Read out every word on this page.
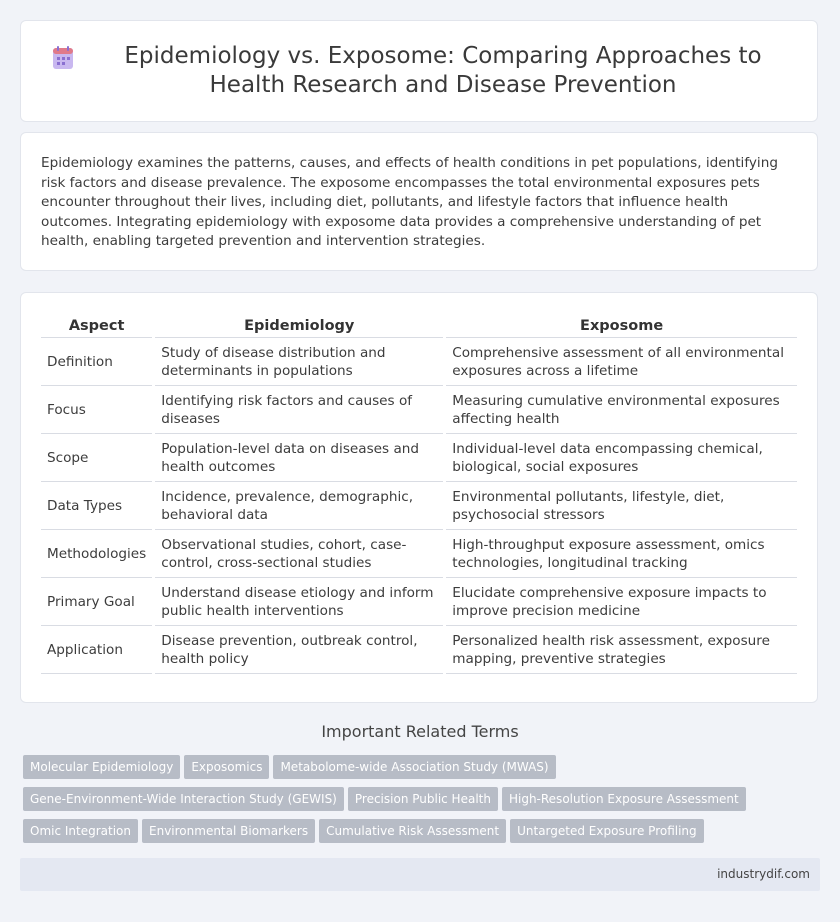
Epidemiology vs. Exposome: Comparing Approaches to Health Research and Disease Prevention

Epidemiology examines the patterns, causes, and effects of health conditions in pet populations, identifying risk factors and disease prevalence. The exposome encompasses the total environmental exposures pets encounter throughout their lives, including diet, pollutants, and lifestyle factors that influence health outcomes. Integrating epidemiology with exposome data provides a comprehensive understanding of pet health, enabling targeted prevention and intervention strategies.

Aspect	Epidemiology	Exposome
Definition	Study of disease distribution and determinants in populations	Comprehensive assessment of all environmental exposures across a lifetime
Focus	Identifying risk factors and causes of diseases	Measuring cumulative environmental exposures affecting health
Scope	Population-level data on diseases and health outcomes	Individual-level data encompassing chemical, biological, social exposures
Data Types	Incidence, prevalence, demographic, behavioral data	Environmental pollutants, lifestyle, diet, psychosocial stressors
Methodologies	Observational studies, cohort, case-control, cross-sectional studies	High-throughput exposure assessment, omics technologies, longitudinal tracking
Primary Goal	Understand disease etiology and inform public health interventions	Elucidate comprehensive exposure impacts to improve precision medicine
Application	Disease prevention, outbreak control, health policy	Personalized health risk assessment, exposure mapping, preventive strategies
Important Related Terms
Molecular Epidemiology Exposomics Metabolome-wide Association Study (MWAS)Gene-Environment-Wide Interaction Study (GEWIS) Precision Public Health High-Resolution Exposure AssessmentOmic Integration Environmental Biomarkers Cumulative Risk Assessment Untargeted Exposure Profiling
industrydif.com
